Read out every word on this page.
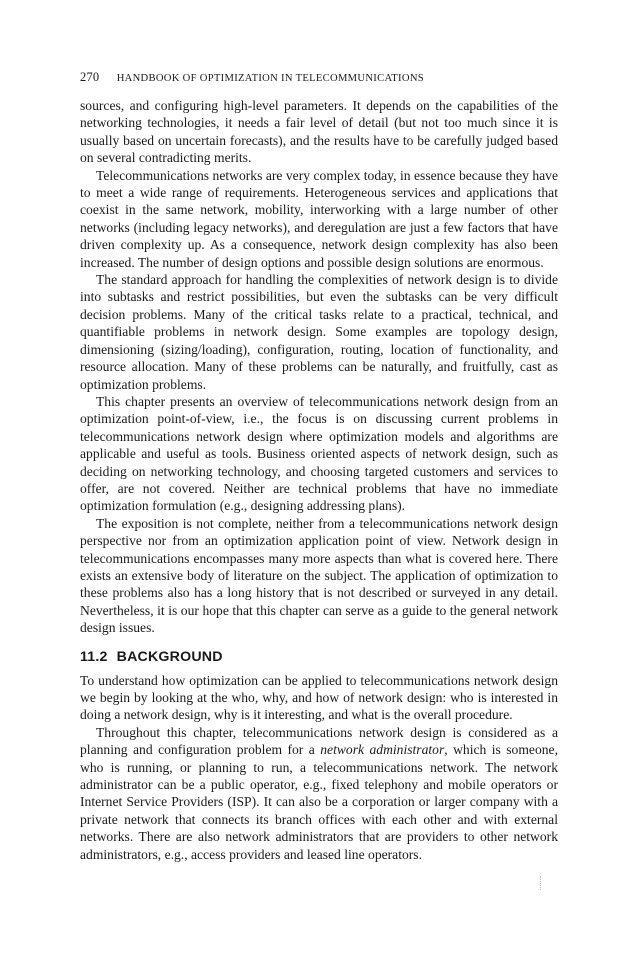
270 HANDBOOK OF OPTIMIZATION IN TELECOMMUNICATIONS

sources, and configuring high-level parameters. It depends on the capabilities of the networking technologies, it needs a fair level of detail (but not too much since it is usually based on uncertain forecasts), and the results have to be carefully judged based on several contradicting merits.

Telecommunications networks are very complex today, in essence because they have to meet a wide range of requirements. Heterogeneous services and applications that coexist in the same network, mobility, interworking with a large number of other networks (including legacy networks), and deregulation are just a few factors that have driven complexity up. As a consequence, network design complexity has also been increased. The number of design options and possible design solutions are enormous.

The standard approach for handling the complexities of network design is to divide into subtasks and restrict possibilities, but even the subtasks can be very difficult decision problems. Many of the critical tasks relate to a practical, technical, and quantifiable problems in network design. Some examples are topology design, dimensioning (sizing/loading), configuration, routing, location of functionality, and resource allocation. Many of these problems can be naturally, and fruitfully, cast as optimization problems.

This chapter presents an overview of telecommunications network design from an optimization point-of-view, i.e., the focus is on discussing current problems in telecommunications network design where optimization models and algorithms are applicable and useful as tools. Business oriented aspects of network design, such as deciding on networking technology, and choosing targeted customers and services to offer, are not covered. Neither are technical problems that have no immediate optimization formulation (e.g., designing addressing plans).

The exposition is not complete, neither from a telecommunications network design perspective nor from an optimization application point of view. Network design in telecommunications encompasses many more aspects than what is covered here. There exists an extensive body of literature on the subject. The application of optimization to these problems also has a long history that is not described or surveyed in any detail. Nevertheless, it is our hope that this chapter can serve as a guide to the general network design issues.

11.2 BACKGROUND

To understand how optimization can be applied to telecommunications network design we begin by looking at the who, why, and how of network design: who is interested in doing a network design, why is it interesting, and what is the overall procedure.

Throughout this chapter, telecommunications network design is considered as a planning and configuration problem for a network administrator, which is someone, who is running, or planning to run, a telecommunications network. The network administrator can be a public operator, e.g., fixed telephony and mobile operators or Internet Service Providers (ISP). It can also be a corporation or larger company with a private network that connects its branch offices with each other and with external networks. There are also network administrators that are providers to other network administrators, e.g., access providers and leased line operators.
